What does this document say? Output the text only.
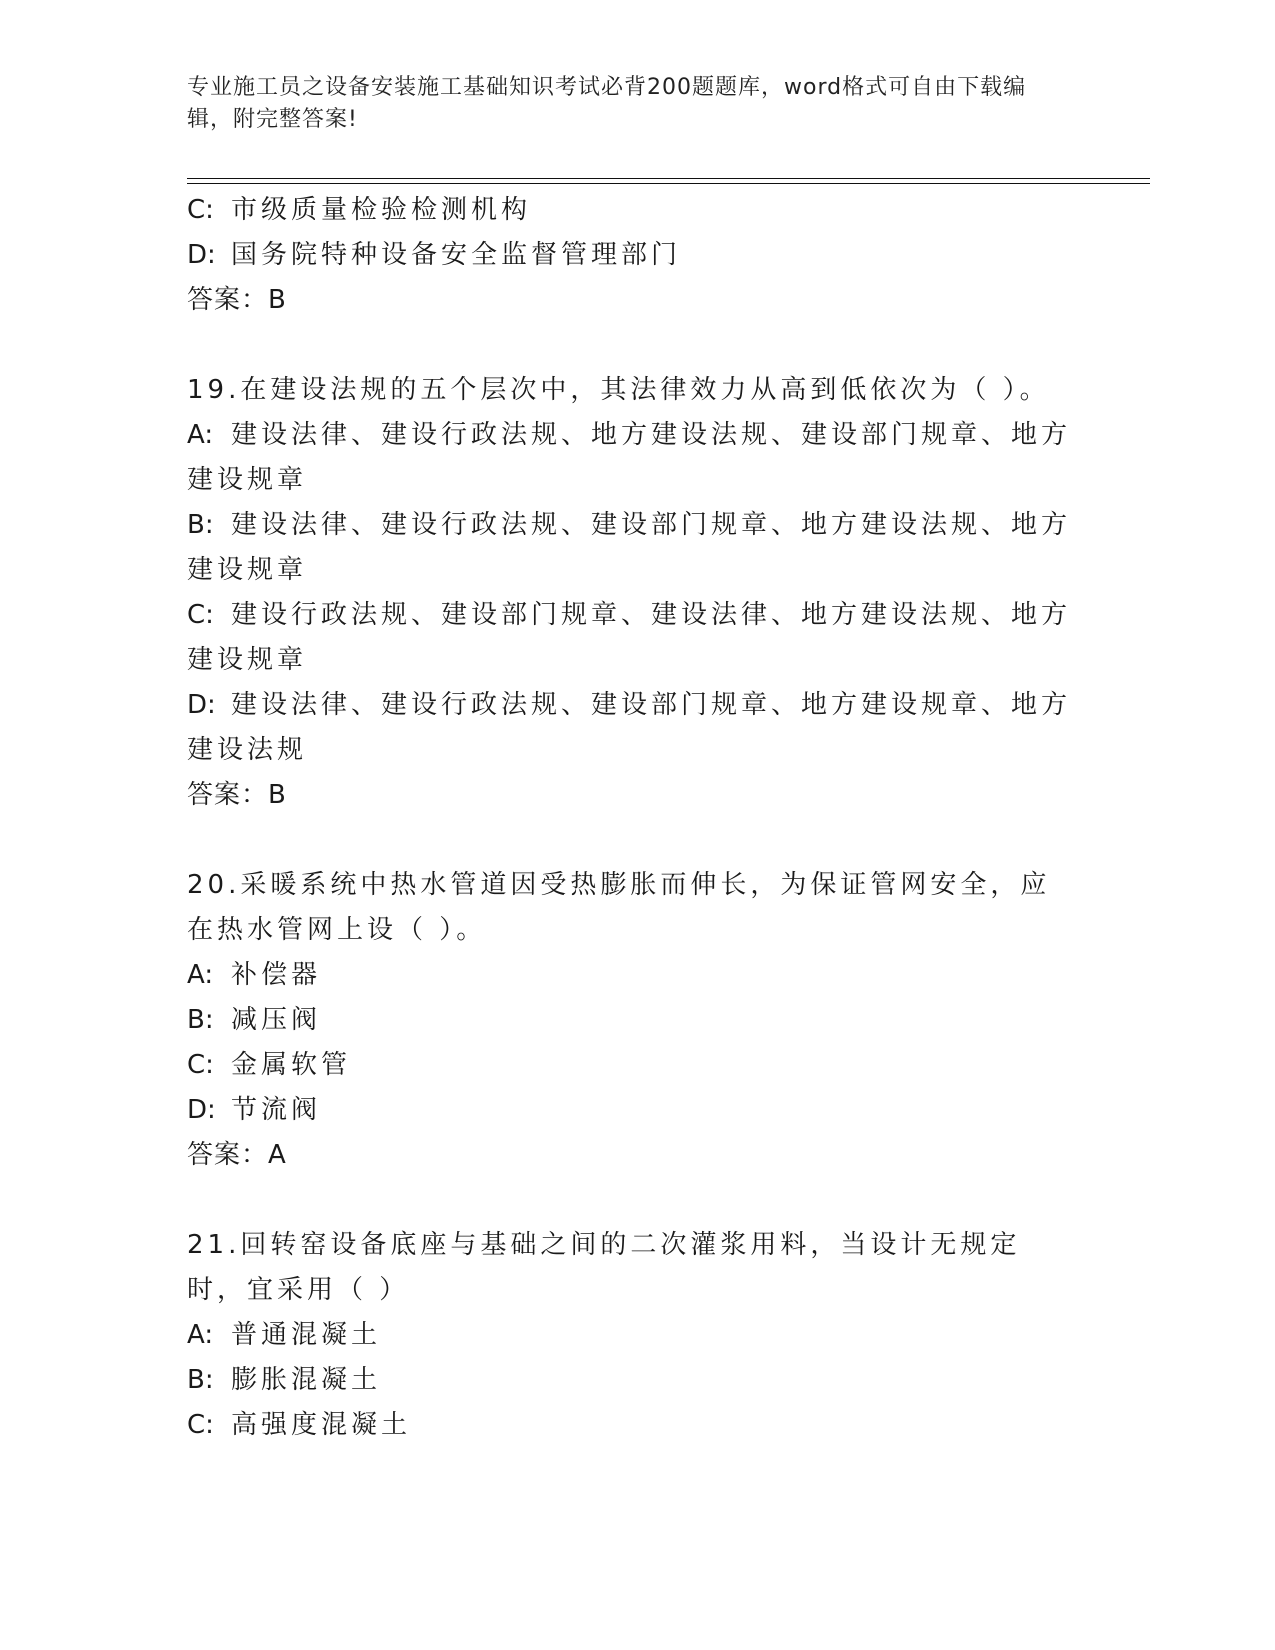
专业施工员之设备安装施工基础知识考试必背200题题库，word格式可自由下载编辑，附完整答案!
C: 市级质量检验检测机构
D: 国务院特种设备安全监督管理部门
答案：B
19.在建设法规的五个层次中，其法律效力从高到低依次为（ ）。
A: 建设法律、建设行政法规、地方建设法规、建设部门规章、地方建设规章
B: 建设法律、建设行政法规、建设部门规章、地方建设法规、地方建设规章
C: 建设行政法规、建设部门规章、建设法律、地方建设法规、地方建设规章
D: 建设法律、建设行政法规、建设部门规章、地方建设规章、地方建设法规
答案：B
20.采暖系统中热水管道因受热膨胀而伸长，为保证管网安全，应在热水管网上设（ ）。
A: 补偿器
B: 减压阀
C: 金属软管
D: 节流阀
答案：A
21.回转窑设备底座与基础之间的二次灌浆用料，当设计无规定时，宜采用（ ）
A: 普通混凝土
B: 膨胀混凝土
C: 高强度混凝土
